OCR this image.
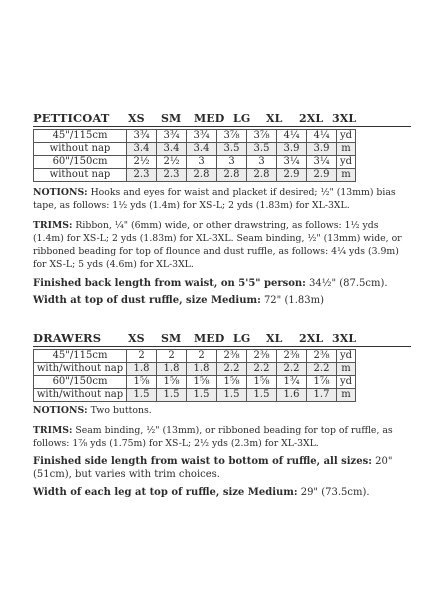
PETTICOAT	XS	SM	MED LG	XL	2XL 3XL
45"/115cm	3¾	3¾	3¾	3⅞	3⅞	4¼	4¼	yd
without nap	3.4	3.4	3.4	3.5	3.5	3.9	3.9	m
60"/150cm	2½	2½	3	3	3	3¼	3¼	yd
without nap	2.3	2.3	2.8	2.8	2.8	2.9	2.9	m

NOTIONS: Hooks and eyes for waist and placket if desired; ½" (13mm) bias tape, as follows: 1½ yds (1.4m) for XS-L; 2 yds (1.83m) for XL-3XL.

TRIMS: Ribbon, ¼" (6mm) wide, or other drawstring, as follows: 1½ yds (1.4m) for XS-L; 2 yds (1.83m) for XL-3XL. Seam binding, ½" (13mm) wide, or ribboned beading for top of flounce and dust ruffle, as follows: 4¼ yds (3.9m) for XS-L; 5 yds (4.6m) for XL-3XL.

Finished back length from waist, on 5'5" person: 34½" (87.5cm).

Width at top of dust ruffle, size Medium: 72" (1.83m)

DRAWERS	XS	SM	MED LG	XL	2XL 3XL
45"/115cm	2	2	2	2⅜	2⅜	2⅜	2⅜	yd
with/without nap	1.8	1.8	1.8	2.2	2.2	2.2	2.2	m
60"/150cm	1⅝	1⅝	1⅝	1⅝	1⅝	1¾	1⅞	yd
with/without nap	1.5	1.5	1.5	1.5	1.5	1.6	1.7	m

NOTIONS: Two buttons.

TRIMS: Seam binding, ½" (13mm), or ribboned beading for top of ruffle, as follows: 1⅞ yds (1.75m) for XS-L; 2½ yds (2.3m) for XL-3XL.

Finished side length from waist to bottom of ruffle, all sizes: 20" (51cm), but varies with trim choices.

Width of each leg at top of ruffle, size Medium: 29" (73.5cm).
